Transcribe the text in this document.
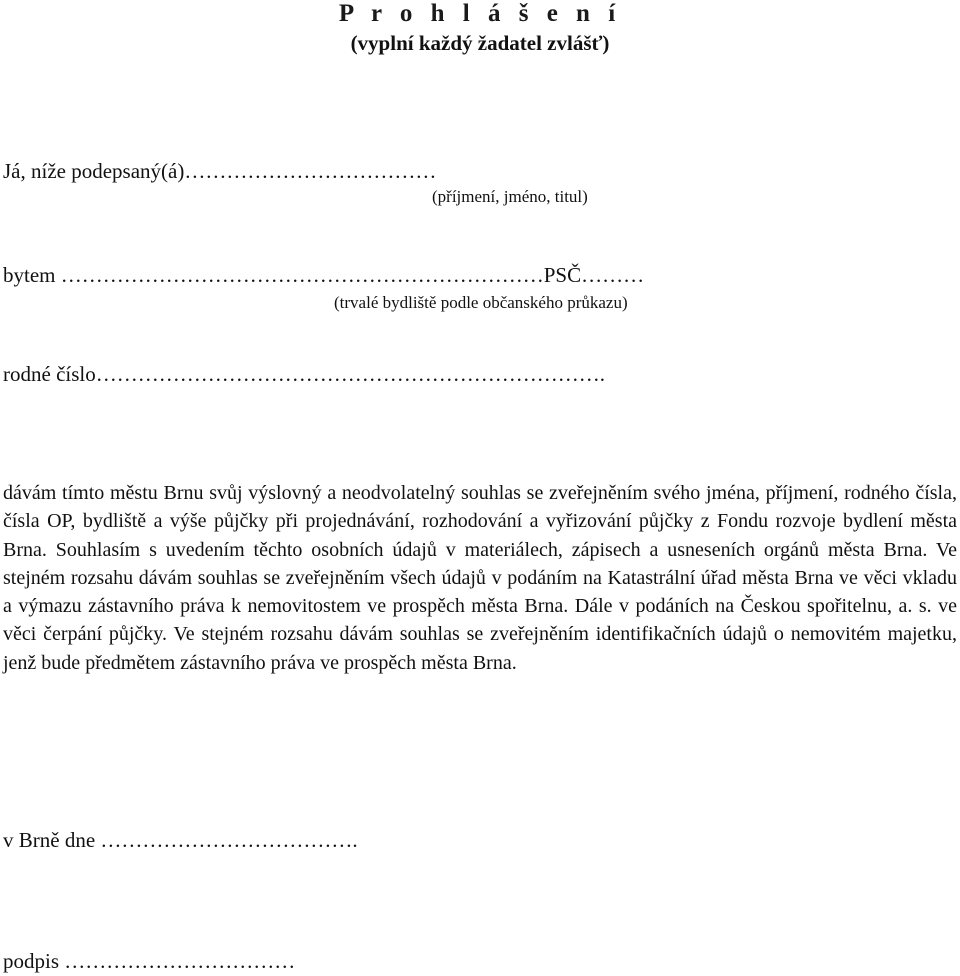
P r o h l á š e n í
(vyplní každý žadatel zvlášť)
Já, níže podepsaný(á)………………………………
(příjmení, jméno, titul)
bytem ……………………………………………………………PSČ………
(trvalé bydliště podle občanského průkazu)
rodné číslo……………………………………………………………….
dávám tímto městu Brnu svůj výslovný a neodvolatelný souhlas se zveřejněním svého jména, příjmení, rodného čísla, čísla OP, bydliště a výše půjčky při projednávání, rozhodování a vyřizování půjčky z Fondu rozvoje bydlení města Brna. Souhlasím s uvedením těchto osobních údajů v materiálech, zápisech a usneseních orgánů města Brna. Ve stejném rozsahu dávám souhlas se zveřejněním všech údajů v podáním na Katastrální úřad města Brna ve věci vkladu a výmazu zástavního práva k nemovitostem ve prospěch města Brna. Dále v podáních na Českou spořitelnu, a. s. ve věci čerpání půjčky. Ve stejném rozsahu dávám souhlas se zveřejněním identifikačních údajů o nemovitém majetku, jenž bude předmětem zástavního práva ve prospěch města Brna.
v Brně dne ……………………………….
podpis ……………………………
